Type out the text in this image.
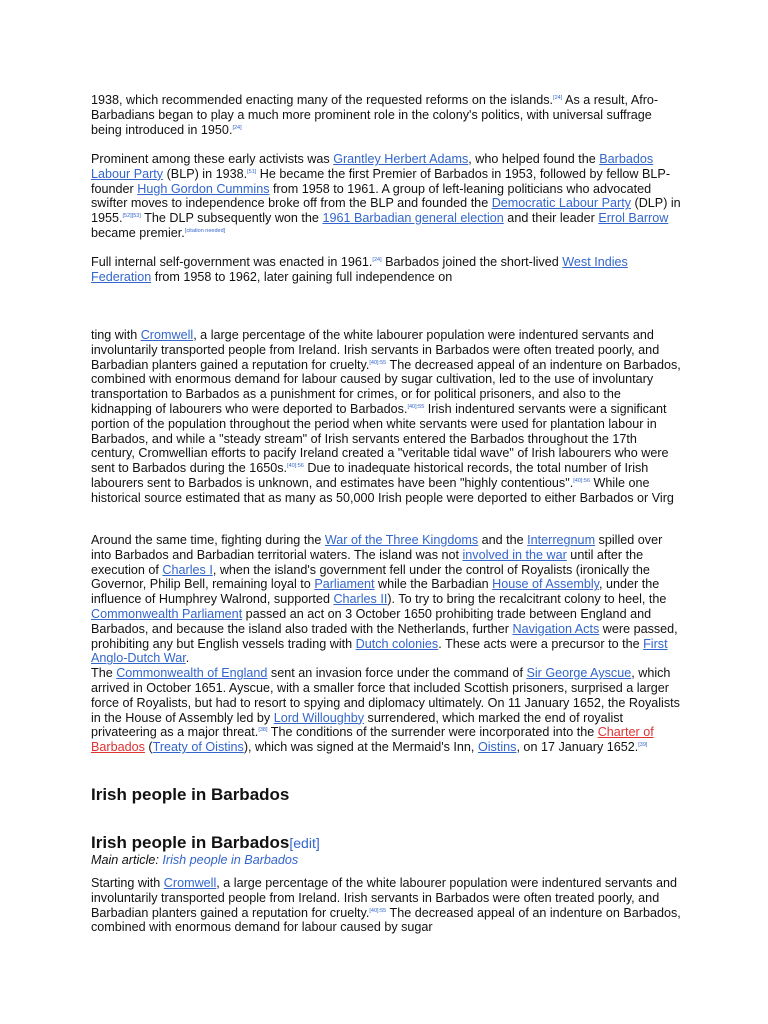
1938, which recommended enacting many of the requested reforms on the islands.[24] As a result, Afro-Barbadians began to play a much more prominent role in the colony's politics, with universal suffrage being introduced in 1950.[24]

Prominent among these early activists was Grantley Herbert Adams, who helped found the Barbados Labour Party (BLP) in 1938.[51] He became the first Premier of Barbados in 1953, followed by fellow BLP-founder Hugh Gordon Cummins from 1958 to 1961. A group of left-leaning politicians who advocated swifter moves to independence broke off from the BLP and founded the Democratic Labour Party (DLP) in 1955.[52][53] The DLP subsequently won the 1961 Barbadian general election and their leader Errol Barrow became premier.[citation needed]

Full internal self-government was enacted in 1961.[24] Barbados joined the short-lived West Indies Federation from 1958 to 1962, later gaining full independence on

ting with Cromwell, a large percentage of the white labourer population were indentured servants and involuntarily transported people from Ireland. Irish servants in Barbados were often treated poorly, and Barbadian planters gained a reputation for cruelty.$^{[40]:55}$ The decreased appeal of an indenture on Barbados, combined with enormous demand for labour caused by sugar cultivation, led to the use of involuntary transportation to Barbados as a punishment for crimes, or for political prisoners, and also to the kidnapping of labourers who were deported to Barbados.$^{[40]:55}$ Irish indentured servants were a significant portion of the population throughout the period when white servants were used for plantation labour in Barbados, and while a "steady stream" of Irish servants entered the Barbados throughout the 17th century, Cromwellian efforts to pacify Ireland created a "veritable tidal wave" of Irish labourers who were sent to Barbados during the 1650s.$^{[40]:56}$ Due to inadequate historical records, the total number of Irish labourers sent to Barbados is unknown, and estimates have been "highly contentious".$^{[40]:56}$ While one historical source estimated that as many as 50,000 Irish people were deported to either Barbados or Virg

Around the same time, fighting during the War of the Three Kingdoms and the Interregnum spilled over into Barbados and Barbadian territorial waters. The island was not involved in the war until after the execution of Charles I, when the island's government fell under the control of Royalists (ironically the Governor, Philip Bell, remaining loyal to Parliament while the Barbadian House of Assembly, under the influence of Humphrey Walrond, supported Charles II). To try to bring the recalcitrant colony to heel, the Commonwealth Parliament passed an act on 3 October 1650 prohibiting trade between England and Barbados, and because the island also traded with the Netherlands, further Navigation Acts were passed, prohibiting any but English vessels trading with Dutch colonies. These acts were a precursor to the First Anglo-Dutch War.
The Commonwealth of England sent an invasion force under the command of Sir George Ayscue, which arrived in October 1651. Ayscue, with a smaller force that included Scottish prisoners, surprised a larger force of Royalists, but had to resort to spying and diplomacy ultimately. On 11 January 1652, the Royalists in the House of Assembly led by Lord Willoughby surrendered, which marked the end of royalist privateering as a major threat.[38] The conditions of the surrender were incorporated into the Charter of Barbados (Treaty of Oistins), which was signed at the Mermaid's Inn, Oistins, on 17 January 1652.[39]

Irish people in Barbados
Irish people in Barbados[edit]

Main article: Irish people in Barbados

Starting with Cromwell, a large percentage of the white labourer population were indentured servants and involuntarily transported people from Ireland. Irish servants in Barbados were often treated poorly, and Barbadian planters gained a reputation for cruelty.$^{[40]:55}$ The decreased appeal of an indenture on Barbados, combined with enormous demand for labour caused by sugar
